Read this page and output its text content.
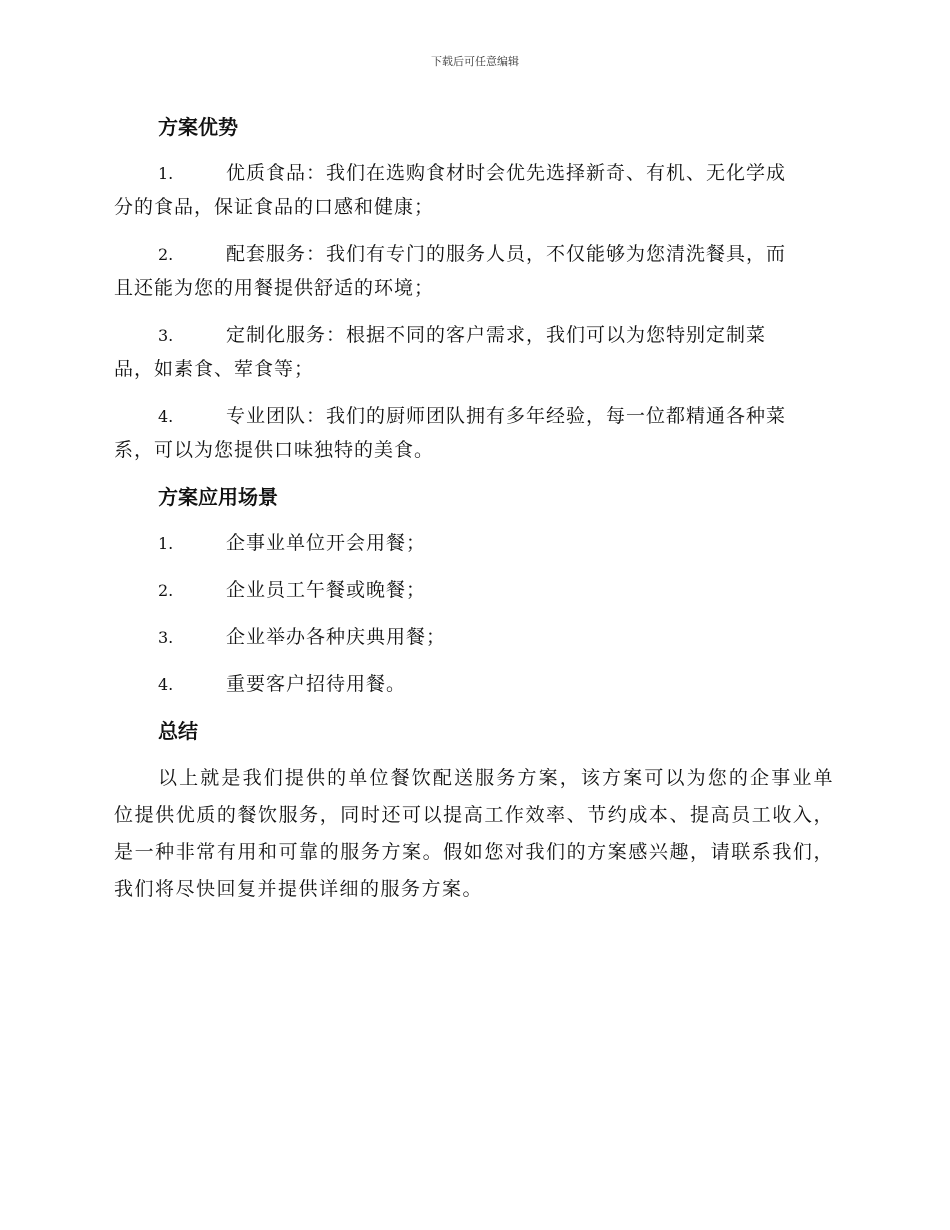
下载后可任意编辑
方案优势
1.	优质食品：我们在选购食材时会优先选择新奇、有机、无化学成
分的食品，保证食品的口感和健康；
2.	配套服务：我们有专门的服务人员，不仅能够为您清洗餐具，而
且还能为您的用餐提供舒适的环境；
3.	定制化服务：根据不同的客户需求，我们可以为您特别定制菜
品，如素食、荤食等；
4.	专业团队：我们的厨师团队拥有多年经验，每一位都精通各种菜
系，可以为您提供口味独特的美食。
方案应用场景
1.	企事业单位开会用餐；
2.	企业员工午餐或晚餐；
3.	企业举办各种庆典用餐；
4.	重要客户招待用餐。
总结
以上就是我们提供的单位餐饮配送服务方案，该方案可以为您的企事业单位提供优质的餐饮服务，同时还可以提高工作效率、节约成本、提高员工收入，是一种非常有用和可靠的服务方案。假如您对我们的方案感兴趣，请联系我们，我们将尽快回复并提供详细的服务方案。
